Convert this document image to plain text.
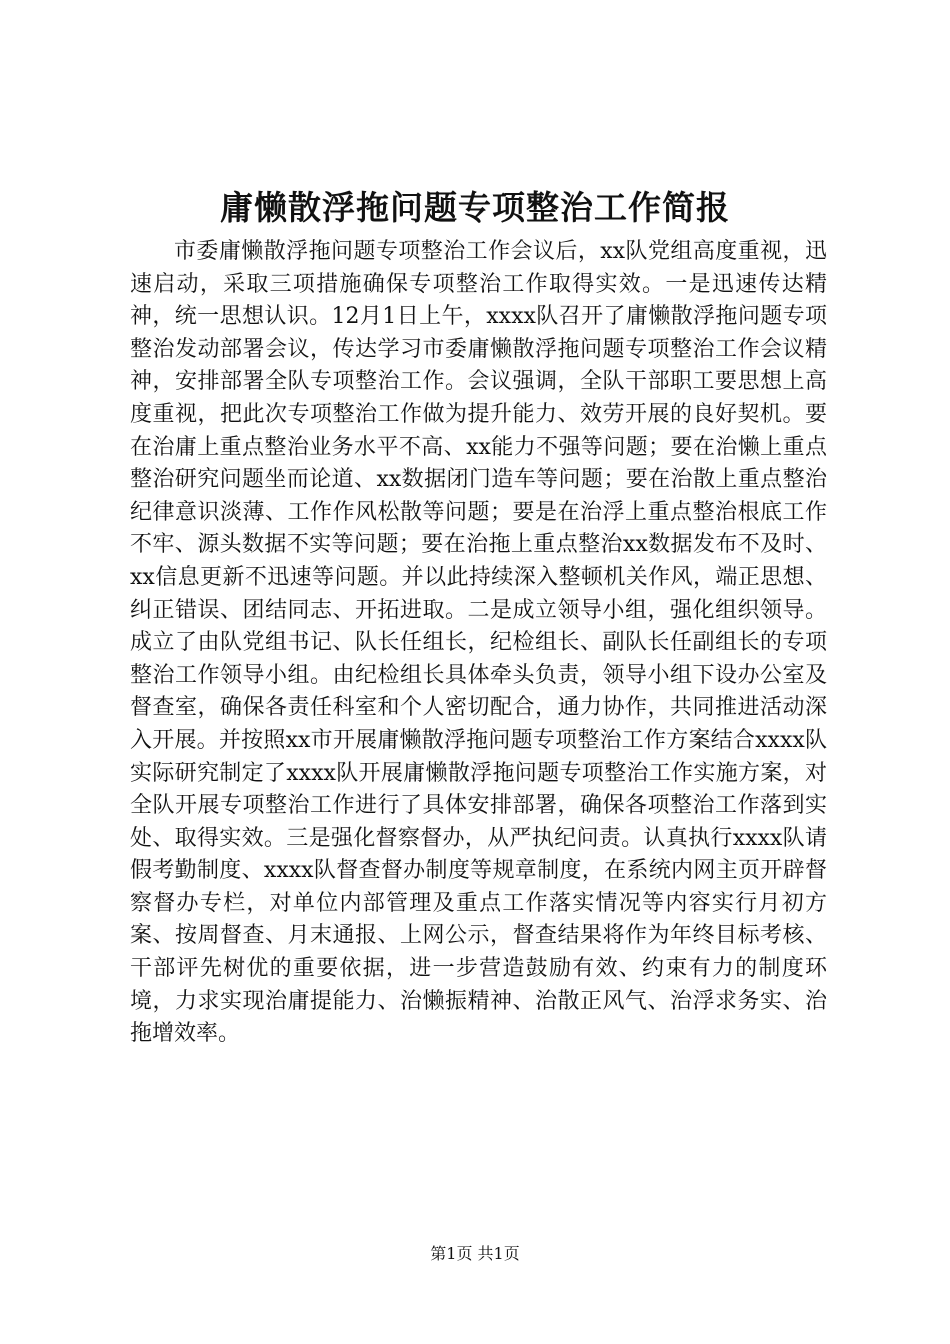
庸懒散浮拖问题专项整治工作简报

市委庸懒散浮拖问题专项整治工作会议后，xx队党组高度重视，迅速启动，采取三项措施确保专项整治工作取得实效。一是迅速传达精神，统一思想认识。12月1日上午，xxxx队召开了庸懒散浮拖问题专项整治发动部署会议，传达学习市委庸懒散浮拖问题专项整治工作会议精神，安排部署全队专项整治工作。会议强调，全队干部职工要思想上高度重视，把此次专项整治工作做为提升能力、效劳开展的良好契机。要在治庸上重点整治业务水平不高、xx能力不强等问题；要在治懒上重点整治研究问题坐而论道、xx数据闭门造车等问题；要在治散上重点整治纪律意识淡薄、工作作风松散等问题；要是在治浮上重点整治根底工作不牢、源头数据不实等问题；要在治拖上重点整治xx数据发布不及时、xx信息更新不迅速等问题。并以此持续深入整顿机关作风，端正思想、纠正错误、团结同志、开拓进取。二是成立领导小组，强化组织领导。成立了由队党组书记、队长任组长，纪检组长、副队长任副组长的专项整治工作领导小组。由纪检组长具体牵头负责，领导小组下设办公室及督查室，确保各责任科室和个人密切配合，通力协作，共同推进活动深入开展。并按照xx市开展庸懒散浮拖问题专项整治工作方案结合xxxx队实际研究制定了xxxx队开展庸懒散浮拖问题专项整治工作实施方案，对全队开展专项整治工作进行了具体安排部署，确保各项整治工作落到实处、取得实效。三是强化督察督办，从严执纪问责。认真执行xxxx队请假考勤制度、xxxx队督查督办制度等规章制度，在系统内网主页开辟督察督办专栏，对单位内部管理及重点工作落实情况等内容实行月初方案、按周督查、月末通报、上网公示，督查结果将作为年终目标考核、干部评先树优的重要依据，进一步营造鼓励有效、约束有力的制度环境，力求实现治庸提能力、治懒振精神、治散正风气、治浮求务实、治拖增效率。

第1页 共1页
